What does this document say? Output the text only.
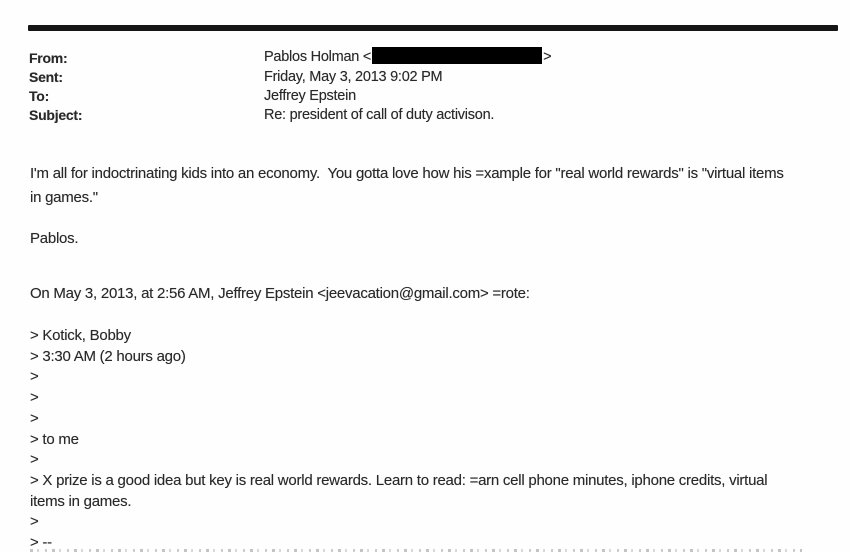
From:
Sent:
To:
Subject:
Pablos Holman <	>
Friday, May 3, 2013 9:02 PM
Jeffrey Epstein
Re: president of call of duty activison.
I'm all for indoctrinating kids into an economy.  You gotta love how his =xample for "real world rewards" is "virtual items
in games."
Pablos.
On May 3, 2013, at 2:56 AM, Jeffrey Epstein <jeevacation@gmail.com> =rote:
> Kotick, Bobby
> 3:30 AM (2 hours ago)
>
>
>
> to me
>
> X prize is a good idea but key is real world rewards. Learn to read: =arn cell phone minutes, iphone credits, virtual
items in games.
>
> --
